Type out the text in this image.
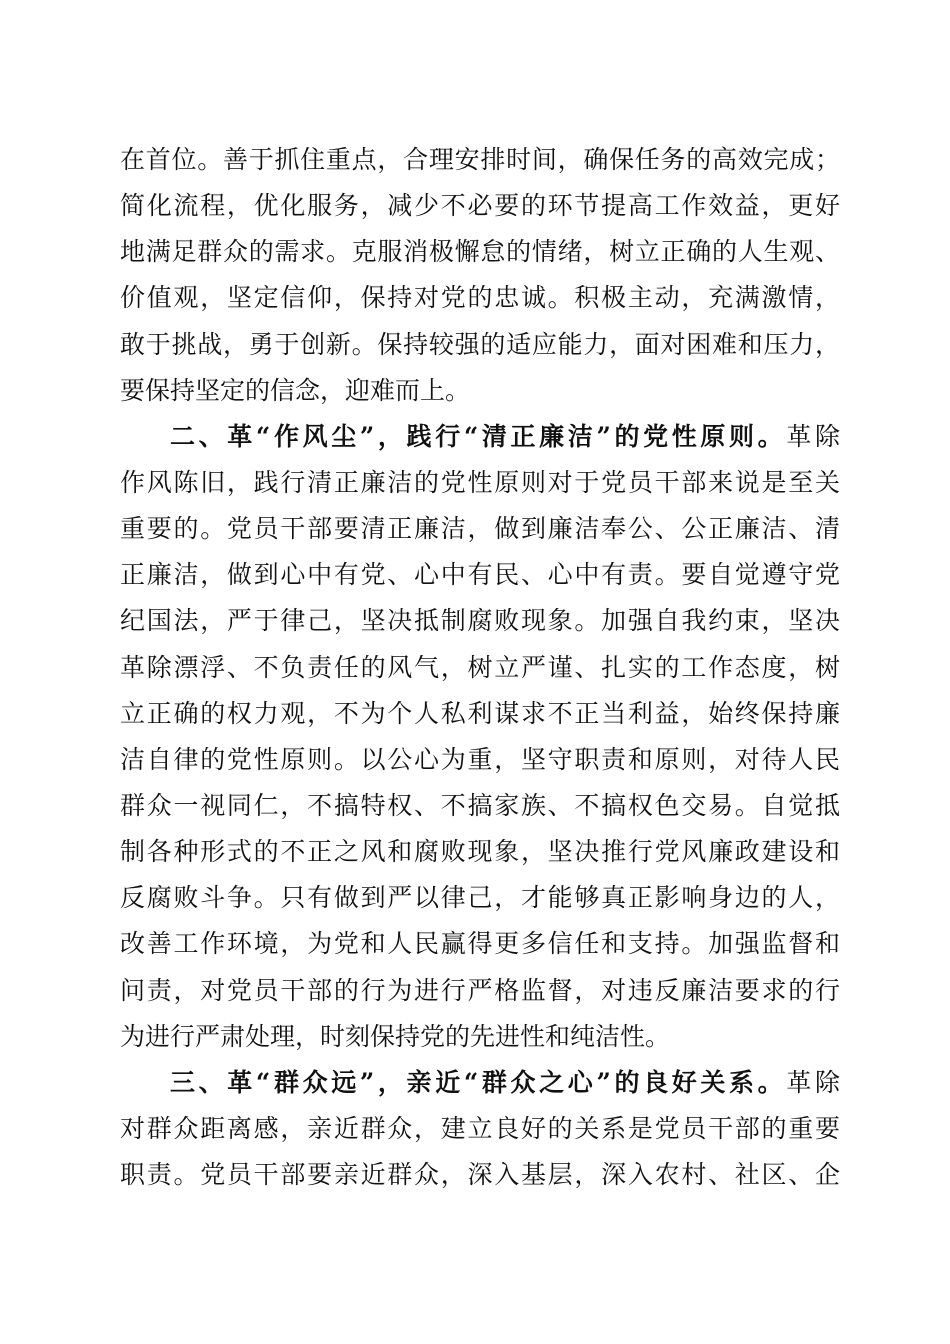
在首位。善于抓住重点，合理安排时间，确保任务的高效完成；
简化流程，优化服务，减少不必要的环节提高工作效益，更好
地满足群众的需求。克服消极懈怠的情绪，树立正确的人生观、
价值观，坚定信仰，保持对党的忠诚。积极主动，充满激情，
敢于挑战，勇于创新。保持较强的适应能力，面对困难和压力，
要保持坚定的信念，迎难而上。
二、革“作风尘”，践行“清正廉洁”的党性原则。革除
作风陈旧，践行清正廉洁的党性原则对于党员干部来说是至关
重要的。党员干部要清正廉洁，做到廉洁奉公、公正廉洁、清
正廉洁，做到心中有党、心中有民、心中有责。要自觉遵守党
纪国法，严于律己，坚决抵制腐败现象。加强自我约束，坚决
革除漂浮、不负责任的风气，树立严谨、扎实的工作态度，树
立正确的权力观，不为个人私利谋求不正当利益，始终保持廉
洁自律的党性原则。以公心为重，坚守职责和原则，对待人民
群众一视同仁，不搞特权、不搞家族、不搞权色交易。自觉抵
制各种形式的不正之风和腐败现象，坚决推行党风廉政建设和
反腐败斗争。只有做到严以律己，才能够真正影响身边的人，
改善工作环境，为党和人民赢得更多信任和支持。加强监督和
问责，对党员干部的行为进行严格监督，对违反廉洁要求的行
为进行严肃处理，时刻保持党的先进性和纯洁性。
三、革“群众远”，亲近“群众之心”的良好关系。革除
对群众距离感，亲近群众，建立良好的关系是党员干部的重要
职责。党员干部要亲近群众，深入基层，深入农村、社区、企
